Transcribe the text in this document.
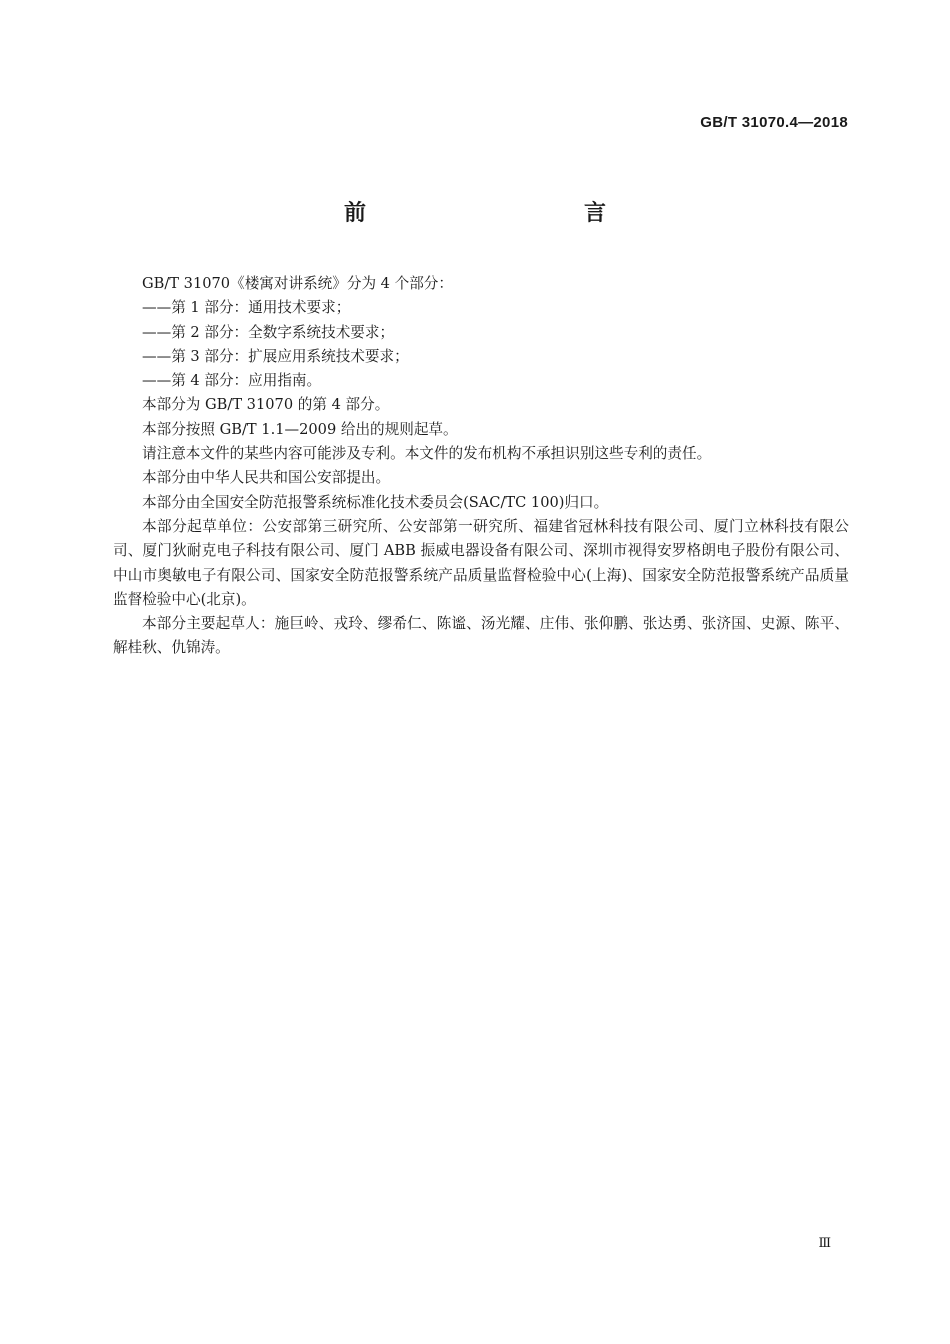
GB/T 31070.4—2018
前　　言

GB/T 31070《楼寓对讲系统》分为 4 个部分：

——第 1 部分：通用技术要求；

——第 2 部分：全数字系统技术要求；

——第 3 部分：扩展应用系统技术要求；

——第 4 部分：应用指南。

本部分为 GB/T 31070 的第 4 部分。

本部分按照 GB/T 1.1—2009 给出的规则起草。

请注意本文件的某些内容可能涉及专利。本文件的发布机构不承担识别这些专利的责任。

本部分由中华人民共和国公安部提出。

本部分由全国安全防范报警系统标准化技术委员会(SAC/TC 100)归口。

本部分起草单位：公安部第三研究所、公安部第一研究所、福建省冠林科技有限公司、厦门立林科技有限公司、厦门狄耐克电子科技有限公司、厦门 ABB 振威电器设备有限公司、深圳市视得安罗格朗电子股份有限公司、中山市奥敏电子有限公司、国家安全防范报警系统产品质量监督检验中心(上海)、国家安全防范报警系统产品质量监督检验中心(北京)。

本部分主要起草人：施巨岭、戎玲、缪希仁、陈谧、汤光耀、庄伟、张仰鹏、张达勇、张济国、史源、陈平、解桂秋、仇锦涛。

Ⅲ
